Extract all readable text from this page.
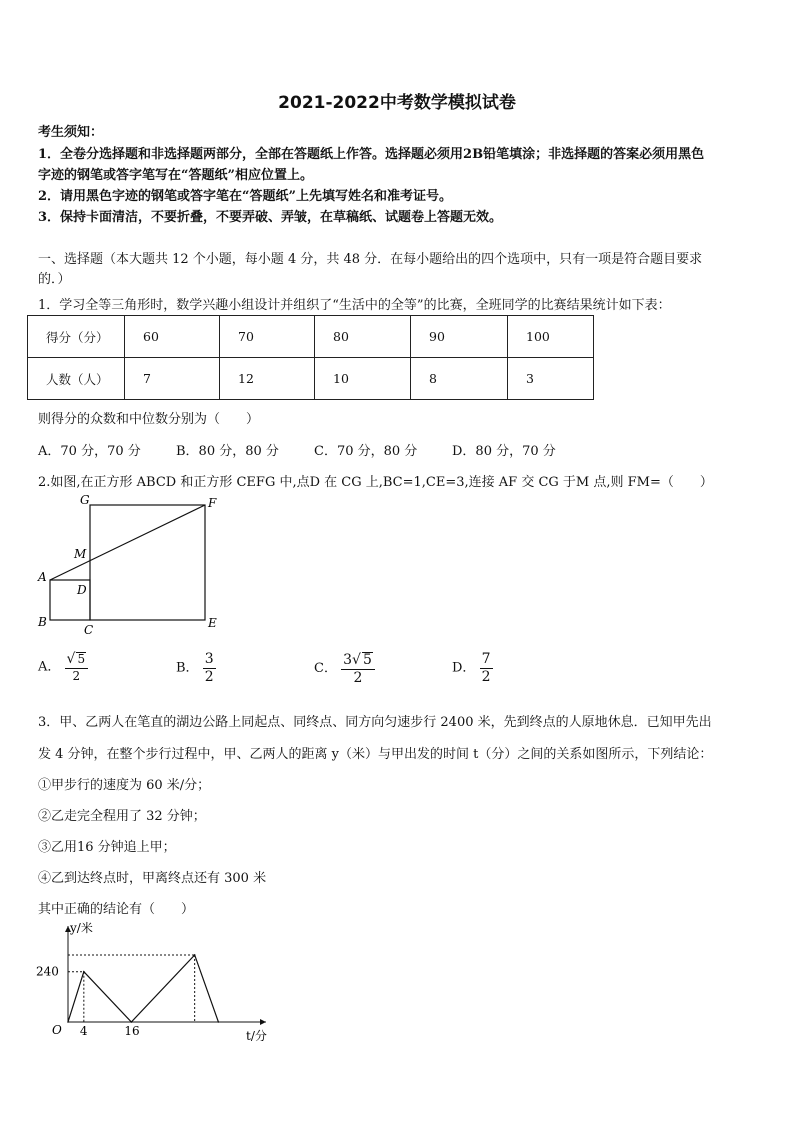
2021-2022中考数学模拟试卷
考生须知：
1．全卷分选择题和非选择题两部分，全部在答题纸上作答。选择题必须用2B铅笔填涂；非选择题的答案必须用黑色
字迹的钢笔或答字笔写在“答题纸”相应位置上。
2．请用黑色字迹的钢笔或答字笔在“答题纸”上先填写姓名和准考证号。
3．保持卡面清洁，不要折叠，不要弄破、弄皱，在草稿纸、试题卷上答题无效。
一、选择题（本大题共 12 个小题，每小题 4 分，共 48 分．在每小题给出的四个选项中，只有一项是符合题目要求
的．）
1．学习全等三角形时，数学兴趣小组设计并组织了“生活中的全等”的比赛，全班同学的比赛结果统计如下表：
得分（分）	60	70	80	90	100
人数（人）	7	12	10	8	3
则得分的众数和中位数分别为（　　）
A．70 分，70 分	B．80 分，80 分	C．70 分，80 分	D．80 分，70 分
2.如图,在正方形 ABCD 和正方形 CEFG 中,点D 在 CG 上,BC=1,CE=3,连接 AF 交 CG 于M 点,则 FM=（　　）
G	F
M
A
D
B
C	E
A． $\frac{√ 5}{2}$	B． $\frac{3}{2}$	C． $\frac{3√ 5}{2}$	D． $\frac{7}{2}$
3．甲、乙两人在笔直的湖边公路上同起点、同终点、同方向匀速步行 2400 米，先到终点的人原地休息．已知甲先出
发 4 分钟，在整个步行过程中，甲、乙两人的距离 y（米）与甲出发的时间 t（分）之间的关系如图所示，下列结论：
①甲步行的速度为 60 米/分；
②乙走完全程用了 32 分钟；
③乙用16 分钟追上甲；
④乙到达终点时，甲离终点还有 300 米
其中正确的结论有（　　）
O
y/米
t/分
240
4	16
